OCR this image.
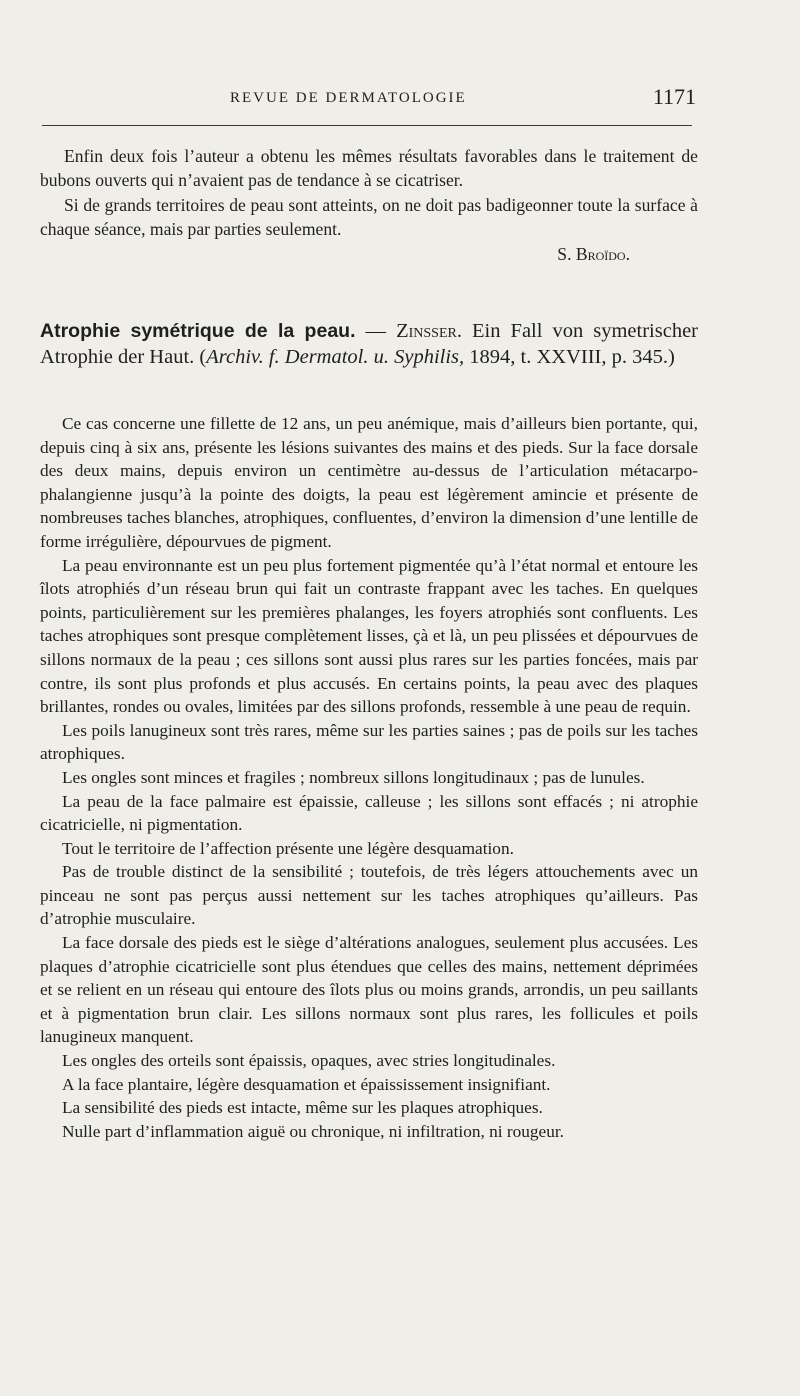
REVUE DE DERMATOLOGIE	1171

Enfin deux fois l’auteur a obtenu les mêmes résultats favorables dans le traitement de bubons ouverts qui n’avaient pas de tendance à se cicatriser.

Si de grands territoires de peau sont atteints, on ne doit pas badigeonner toute la surface à chaque séance, mais par parties seulement.

S. Broïdo.

Atrophie symétrique de la peau. — Zinsser. Ein Fall von symetrischer Atrophie der Haut. (Archiv. f. Dermatol. u. Syphilis, 1894, t. XXVIII, p. 345.)

Ce cas concerne une fillette de 12 ans, un peu anémique, mais d’ailleurs bien portante, qui, depuis cinq à six ans, présente les lésions suivantes des mains et des pieds. Sur la face dorsale des deux mains, depuis environ un centimètre au-dessus de l’articulation métacarpo-phalangienne jusqu’à la pointe des doigts, la peau est légèrement amincie et présente de nombreuses taches blanches, atrophiques, confluentes, d’environ la dimension d’une lentille de forme irrégulière, dépourvues de pigment.

La peau environnante est un peu plus fortement pigmentée qu’à l’état normal et entoure les îlots atrophiés d’un réseau brun qui fait un contraste frappant avec les taches. En quelques points, particulièrement sur les premières phalanges, les foyers atrophiés sont confluents. Les taches atrophiques sont presque complètement lisses, çà et là, un peu plissées et dépourvues de sillons normaux de la peau ; ces sillons sont aussi plus rares sur les parties foncées, mais par contre, ils sont plus profonds et plus accusés. En certains points, la peau avec des plaques brillantes, rondes ou ovales, limitées par des sillons profonds, ressemble à une peau de requin.

Les poils lanugineux sont très rares, même sur les parties saines ; pas de poils sur les taches atrophiques.

Les ongles sont minces et fragiles ; nombreux sillons longitudinaux ; pas de lunules.

La peau de la face palmaire est épaissie, calleuse ; les sillons sont effacés ; ni atrophie cicatricielle, ni pigmentation.

Tout le territoire de l’affection présente une légère desquamation.

Pas de trouble distinct de la sensibilité ; toutefois, de très légers attouchements avec un pinceau ne sont pas perçus aussi nettement sur les taches atrophiques qu’ailleurs. Pas d’atrophie musculaire.

La face dorsale des pieds est le siège d’altérations analogues, seulement plus accusées. Les plaques d’atrophie cicatricielle sont plus étendues que celles des mains, nettement déprimées et se relient en un réseau qui entoure des îlots plus ou moins grands, arrondis, un peu saillants et à pigmentation brun clair. Les sillons normaux sont plus rares, les follicules et poils lanugineux manquent.

Les ongles des orteils sont épaissis, opaques, avec stries longitudinales.

A la face plantaire, légère desquamation et épaississement insignifiant.

La sensibilité des pieds est intacte, même sur les plaques atrophiques.

Nulle part d’inflammation aiguë ou chronique, ni infiltration, ni rougeur.
